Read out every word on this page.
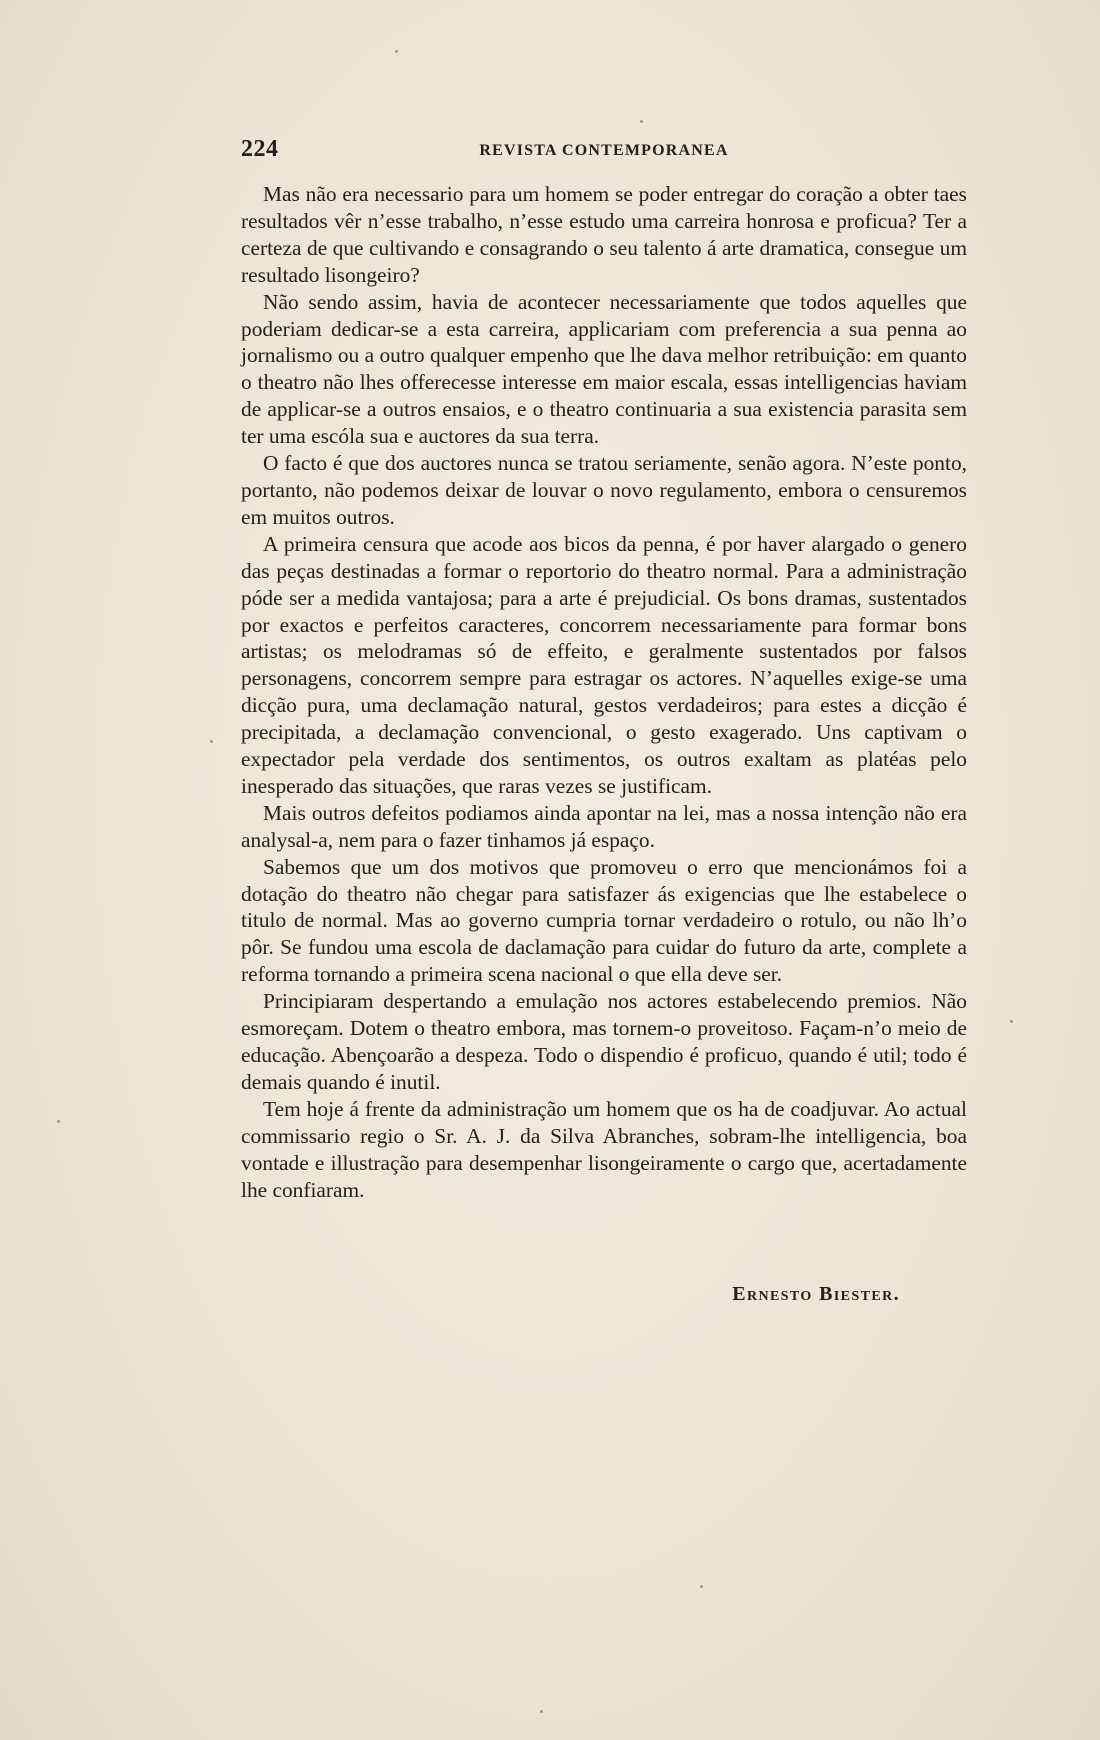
224	REVISTA CONTEMPORANEA

Mas não era necessario para um homem se poder entregar do coração a obter taes resultados vêr n’esse trabalho, n’esse estudo uma carreira honrosa e proficua? Ter a certeza de que cultivando e consagrando o seu talento á arte dramatica, consegue um resultado lisongeiro?

Não sendo assim, havia de acontecer necessariamente que todos aquelles que poderiam dedicar-se a esta carreira, applicariam com preferencia a sua penna ao jornalismo ou a outro qualquer empenho que lhe dava melhor retribuição: em quanto o theatro não lhes offerecesse interesse em maior escala, essas intelligencias haviam de applicar-se a outros ensaios, e o theatro continuaria a sua existencia parasita sem ter uma escóla sua e auctores da sua terra.

O facto é que dos auctores nunca se tratou seriamente, senão agora. N’este ponto, portanto, não podemos deixar de louvar o novo regulamento, embora o censuremos em muitos outros.

A primeira censura que acode aos bicos da penna, é por haver alargado o genero das peças destinadas a formar o reportorio do theatro normal. Para a administração póde ser a medida vantajosa; para a arte é prejudicial. Os bons dramas, sustentados por exactos e perfeitos caracteres, concorrem necessariamente para formar bons artistas; os melodramas só de effeito, e geralmente sustentados por falsos personagens, concorrem sempre para estragar os actores. N’aquelles exige-se uma dicção pura, uma declamação natural, gestos verdadeiros; para estes a dicção é precipitada, a declamação convencional, o gesto exagerado. Uns captivam o expectador pela verdade dos sentimentos, os outros exaltam as platéas pelo inesperado das situações, que raras vezes se justificam.

Mais outros defeitos podiamos ainda apontar na lei, mas a nossa intenção não era analysal-a, nem para o fazer tinhamos já espaço.

Sabemos que um dos motivos que promoveu o erro que mencionámos foi a dotação do theatro não chegar para satisfazer ás exigencias que lhe estabelece o titulo de normal. Mas ao governo cumpria tornar verdadeiro o rotulo, ou não lh’o pôr. Se fundou uma escola de daclamação para cuidar do futuro da arte, complete a reforma tornando a primeira scena nacional o que ella deve ser.

Principiaram despertando a emulação nos actores estabelecendo premios. Não esmoreçam. Dotem o theatro embora, mas tornem-o proveitoso. Façam-n’o meio de educação. Abençoarão a despeza. Todo o dispendio é proficuo, quando é util; todo é demais quando é inutil.

Tem hoje á frente da administração um homem que os ha de coadjuvar. Ao actual commissario regio o Sr. A. J. da Silva Abranches, sobram-lhe intelligencia, boa vontade e illustração para desempenhar lisongeiramente o cargo que, acertadamente lhe confiaram.

Ernesto Biester.
